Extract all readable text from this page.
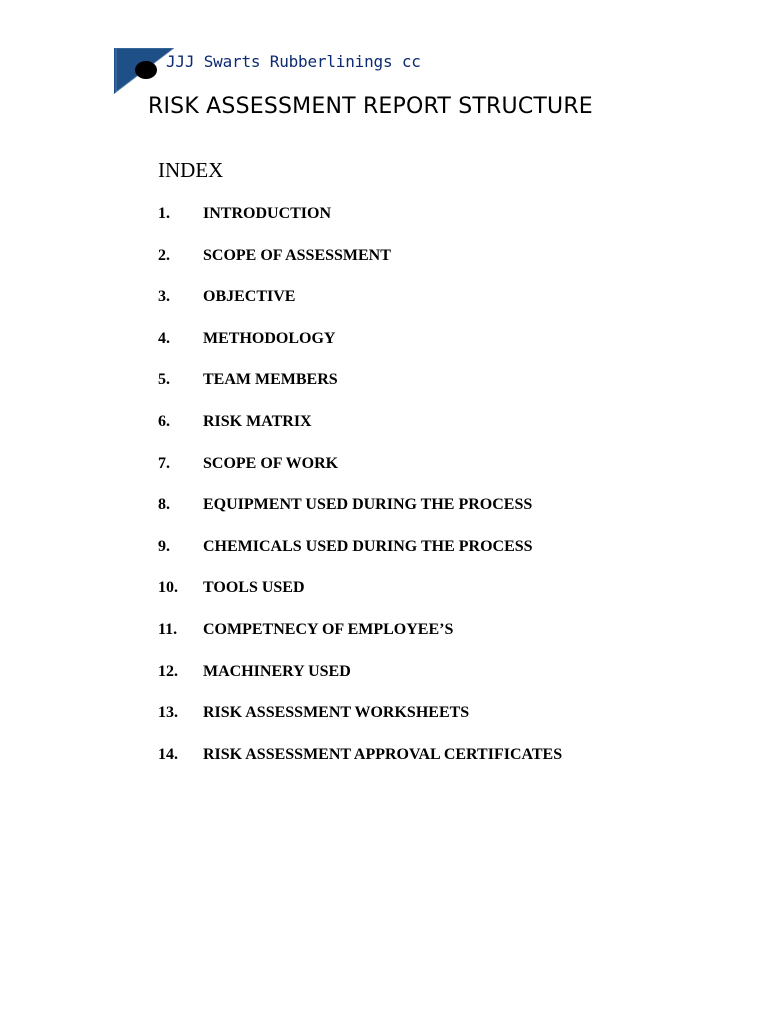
JJJ Swarts Rubberlinings cc
RISK ASSESSMENT REPORT STRUCTURE
INDEX
1. INTRODUCTION
2. SCOPE OF ASSESSMENT
3. OBJECTIVE
4. METHODOLOGY
5. TEAM MEMBERS
6. RISK MATRIX
7. SCOPE OF WORK
8. EQUIPMENT USED DURING THE PROCESS
9. CHEMICALS USED DURING THE PROCESS
10. TOOLS USED
11. COMPETNECY OF EMPLOYEE’S
12. MACHINERY USED
13. RISK ASSESSMENT WORKSHEETS
14. RISK ASSESSMENT APPROVAL CERTIFICATES
